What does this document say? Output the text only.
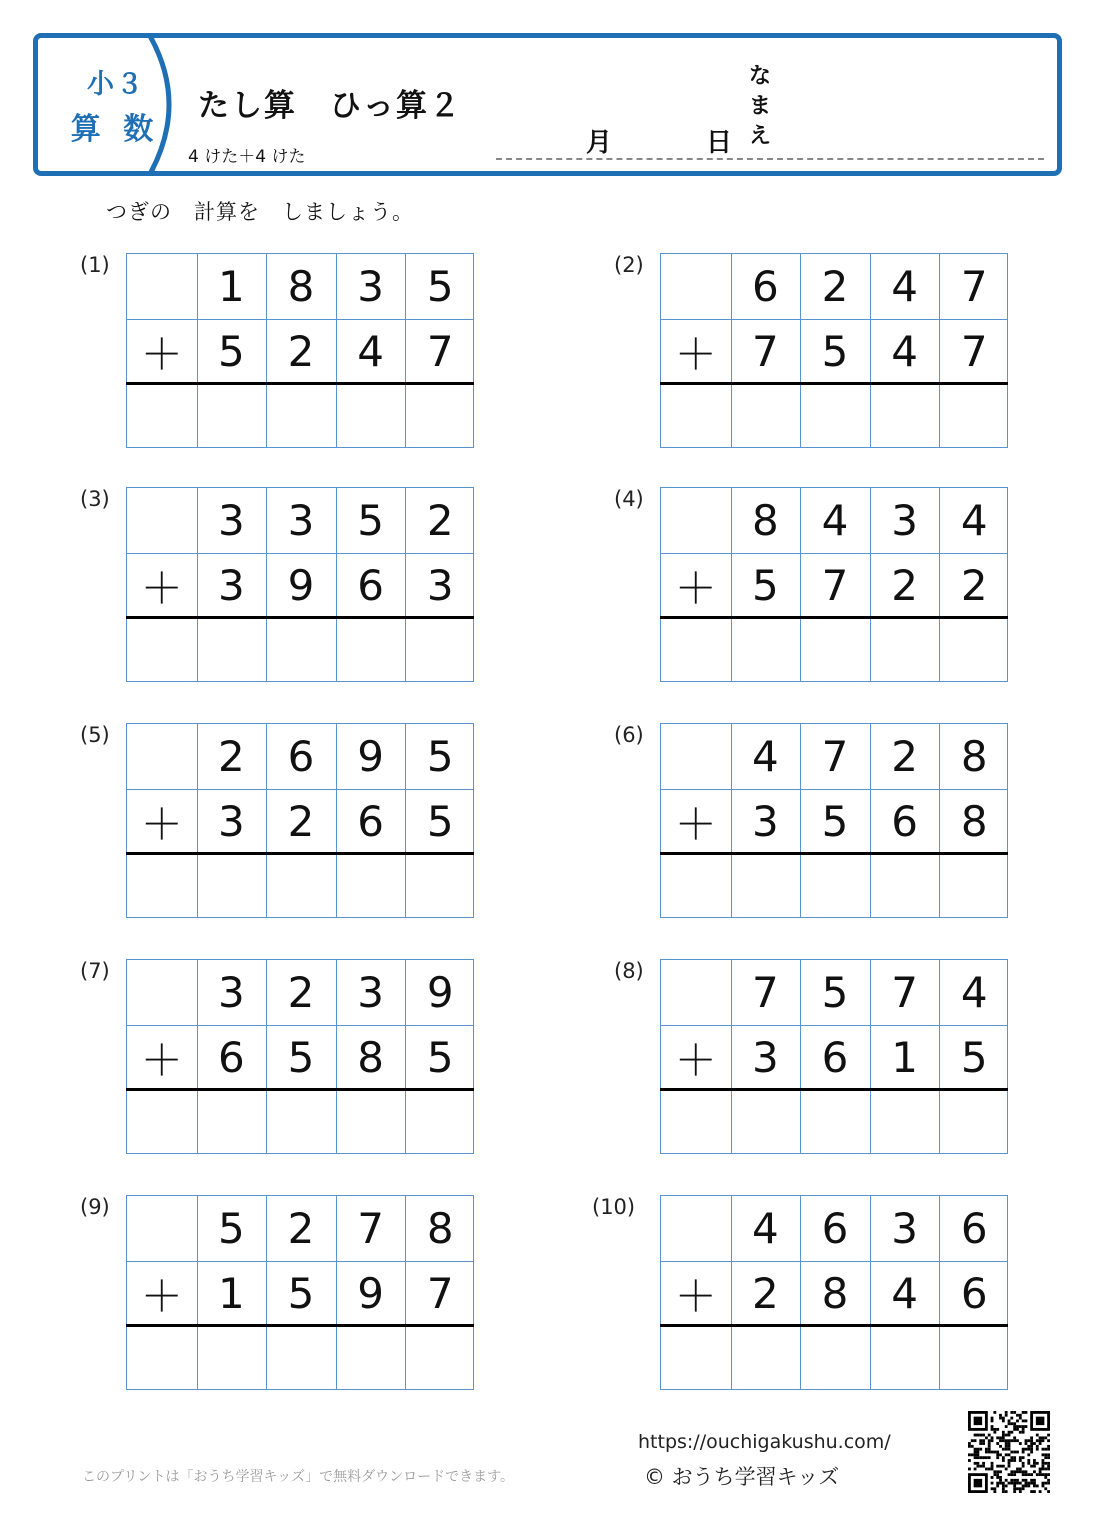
小３
算 数
たし算　ひっ算２
4 けた＋4 けた	月	日
なまえ
つぎの　計算を　しましょう。
(1)	1	8	3	5
＋ 5	2	4	7
(2)	6	2	4	7
＋ 7	5	4	7
(3)	3	3	5	2
＋ 3	9	6	3
(4)	8	4	3	4
＋ 5	7	2	2
(5)	2	6	9	5
＋ 3	2	6	5
(6)	4	7	2	8
＋ 3	5	6	8
(7)	3	2	3	9
＋ 6	5	8	5
(8)	7	5	7	4
＋ 3	6	1	5
(9)	5	2	7	8
＋ 1	5	9	7
(10)	4	6	3	6
＋ 2	8	4	6
このプリントは「おうち学習キッズ」で無料ダウンロードできます。
https://ouchigakushu.com/
© おうち学習キッズ
